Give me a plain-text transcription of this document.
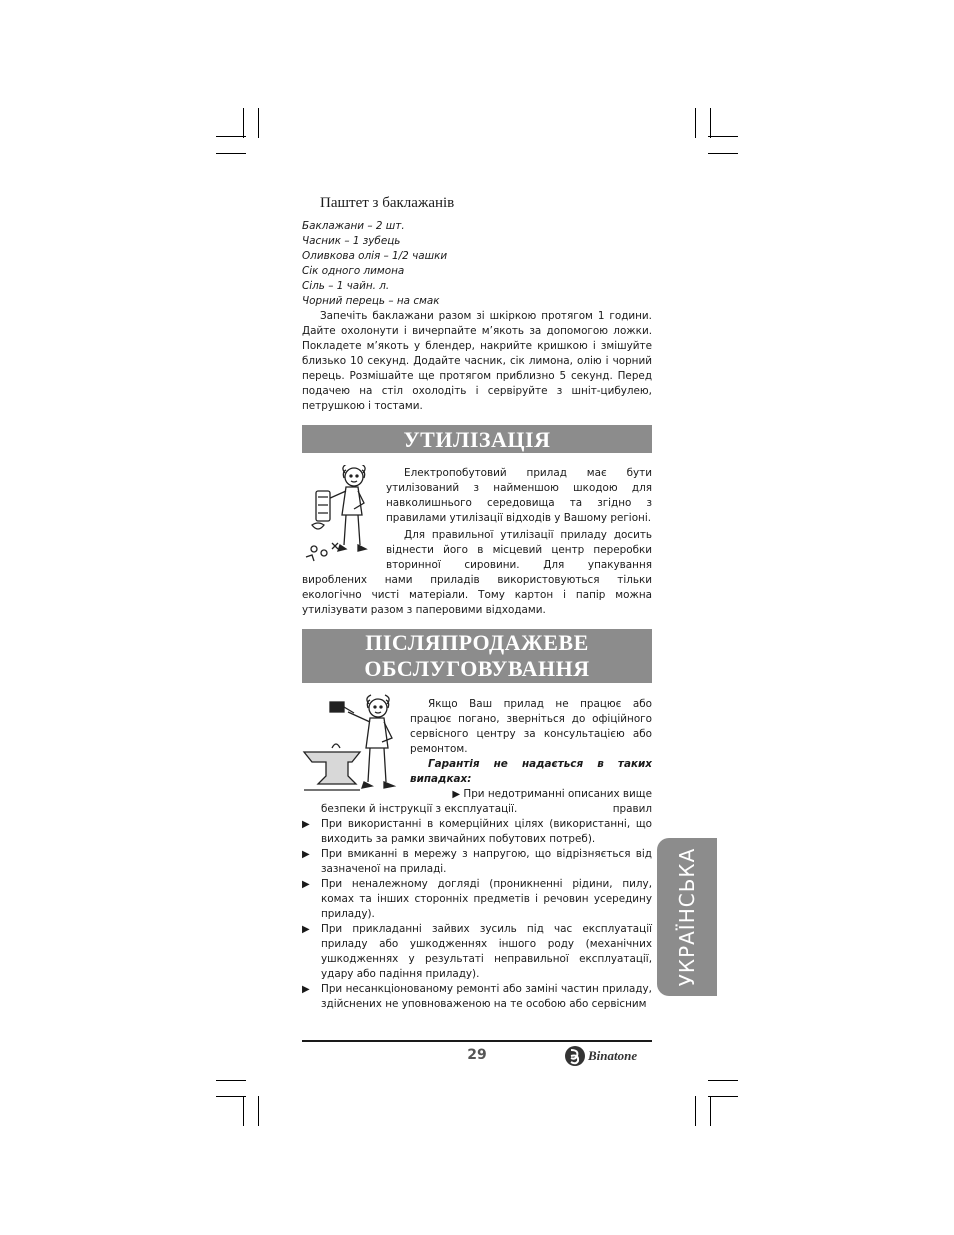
Паштет з баклажанів
Баклажани – 2 шт.
Часник – 1 зубець
Оливкова олія – 1/2 чашки
Сік одного лимона
Сіль – 1 чайн. л.
Чорний перець – на смак
Запечіть баклажани разом зі шкіркою протягом 1 години. Дайте охолонути і вичерпайте м’якоть за допомогою ложки. Покладете м’якоть у блендер, накрийте кришкою і змішуйте близько 10 секунд. Додайте часник, сік лимона, олію і чорний перець. Розмішайте ще протягом приблизно 5 секунд. Перед подачею на стіл охолодіть і сервіруйте з шніт-цибулею, петрушкою і тостами.
УТИЛІЗАЦІЯ
Електропобутовий прилад має бути утилізований з найменшою шкодою для навколишнього середовища та згідно з правилами утилізації відходів у Вашому регіоні.
Для правильної утилізації приладу досить віднести його в місцевий центр переробки вторинної сировини. Для упакування
вироблених нами приладів використовуються тільки екологічно чисті матеріали. Тому картон і папір можна утилізувати разом з паперовими відходами.
ПІСЛЯПРОДАЖЕВЕ
ОБСЛУГОВУВАННЯ
Якщо Ваш прилад не працює або працює погано, зверніться до офіційного сервісного центру за консультацією або ремонтом.
Гарантія не надається в таких випадках:
▶ При недотриманні описаних вище правил
безпеки й інструкції з експлуатації.
▶ При використанні в комерційних цілях (використанні, що виходить за рамки звичайних побутових потреб).
▶ При вмиканні в мережу з напругою, що відрізняється від зазначеної на приладі.
▶ При неналежному догляді (проникненні рідини, пилу, комах та інших сторонніх предметів і речовин усередину приладу).
▶ При прикладанні зайвих зусиль під час експлуатації приладу або ушкодженнях іншого роду (механічних ушкодженнях у результаті неправильної експлуатації, удару або падіння приладу).
▶ При несанкціонованому ремонті або заміні частин приладу, здійснених не уповноваженою на те особою або сервісним
УКРАЇНСЬКА
29	Binatone
